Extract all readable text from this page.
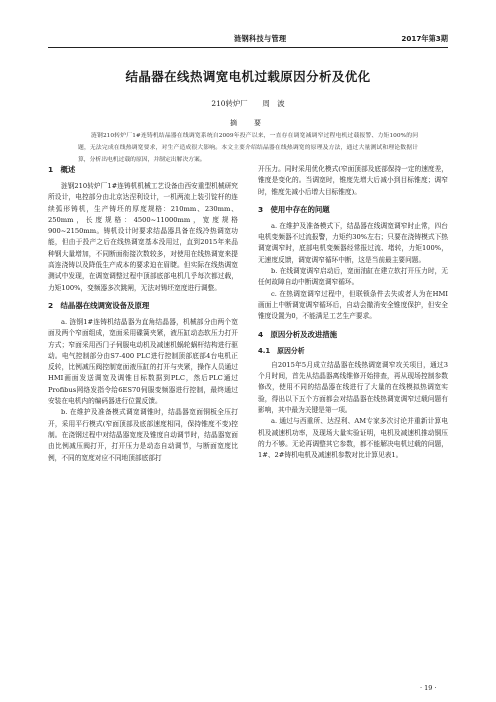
涟钢科技与管理	2017年第3期
结晶器在线热调宽电机过载原因分析及优化
210转炉厂　　周　波
摘　要
涟钢210转炉厂1#连铸机结晶器在线调宽系统自2009年投产以来，一直存在调宽减调窄过程电机过载报警、力矩100%的问题，无法完成在线热调宽要求，对生产造成很大影响。本文主要介绍结晶器在线热调宽的原理及方法，通过大量测试和理论数据计算，分析出电机过载的原因，并制定出解决方案。
1　概述

涟钢210转炉厂1#连铸机机械工艺设备由西安重型机械研究所设计，电控部分由北京达涅利设计，一机两流上装引锭杆的连续弧形铸机，生产铸坯的厚度规格：210mm、230mm、250mm，长度规格：4500~11000mm，宽度规格900~2150mm。铸机设计时要求结晶器具备在线冷热调宽功能，但由于投产之后在线热调宽基本没用过，直到2015年来品种钢大量增加，不同断面衔接次数较多，对使用在线热调宽来提高连浇铸以及降低生产成本的要求迫在眉睫。但实际在线热调宽测试中发现，在调宽调整过程中顶部底部电机几乎每次都过载，力矩100%，变频器多次跳闸，无法对铸坯宽度进行调整。

2　结晶器在线调宽设备及原理

a. 涟钢1#连铸机结晶器为直角结晶器，机械部分由两个宽面及两个窄面组成，宽面采用碟簧夹紧，液压缸动态软压力打开方式；窄面采用西门子伺服电动机及减速机蜗轮蜗杆结构进行驱动。电气控制部分由S7-400 PLC进行控制顶部底部4台电机正反转，比例减压阀控制宽面液压缸的打开与夹紧，操作人员通过HMI画面发送调宽及调锥目标数据到PLC，然后PLC通过Profibus网络发指令给6ES70伺服变频器进行控制，最终通过安装在电机内的编码器进行位置反馈。

b. 在维护及准备模式调宽调锥时，结晶器宽面铜板全压打开，采用平行模式(窄面顶部及底部速度相同，保持锥度不变)控制。在浇钢过程中对结晶器宽度及锥度自动调节时，结晶器宽面由比例减压阀打开，打开压力是动态自动调节，与断面宽度比例，不同的宽度对应不同地顶部底部打

开压力。同时采用优化模式(窄面顶部及底部保持一定的速度差，锥度是变化的。当调宽时，锥度先增大后减小到目标锥度；调窄时，锥度先减小后增大目标锥度)。

3　使用中存在的问题

a. 在维护及准备模式下，结晶器在线调宽调窄时止常，四台电机变频器不过流报警，力矩约30%左右；只要在浇铸模式下热调宽调窄时，底部电机变频器经常报过流、堵转，力矩100%，无速度反馈，调宽调窄循环中断，这是当前最主要问题。

b. 在线调宽调窄启动后，宽面油缸在建立软打开压力时，无任何故障自动中断调宽调窄循环。

c. 在热调宽调窄过程中，但联锁条件去失或者人为在HMI画面上中断调宽调窄循环后，自动会撤消安全锥度保护，但安全锥度设置为0，不能满足工艺生产要求。

4　原因分析及改进措施
4.1　原因分析

自2015年5月成立结晶器在线热调宽调窄攻关项目，通过3个月时间，首先从结晶器离线维修开始排查，再从现场控制参数修改，使用不同的结晶器在线进行了大量的在线模拟热调宽实验，得出以下五个方面都会对结晶器在线热调宽调窄过载问题有影响，其中最为关键是第一项。

a. 通过与西重所、达涅利、AM专家多次讨论并重新计算电机及减速机功率，及现场大量实验证明，电机及减速机推动铜压的力不够。无论再调整其它参数，都不能解决电机过载的问题，1#、2#铸机电机及减速机参数对比计算见表1。

· 19 ·
